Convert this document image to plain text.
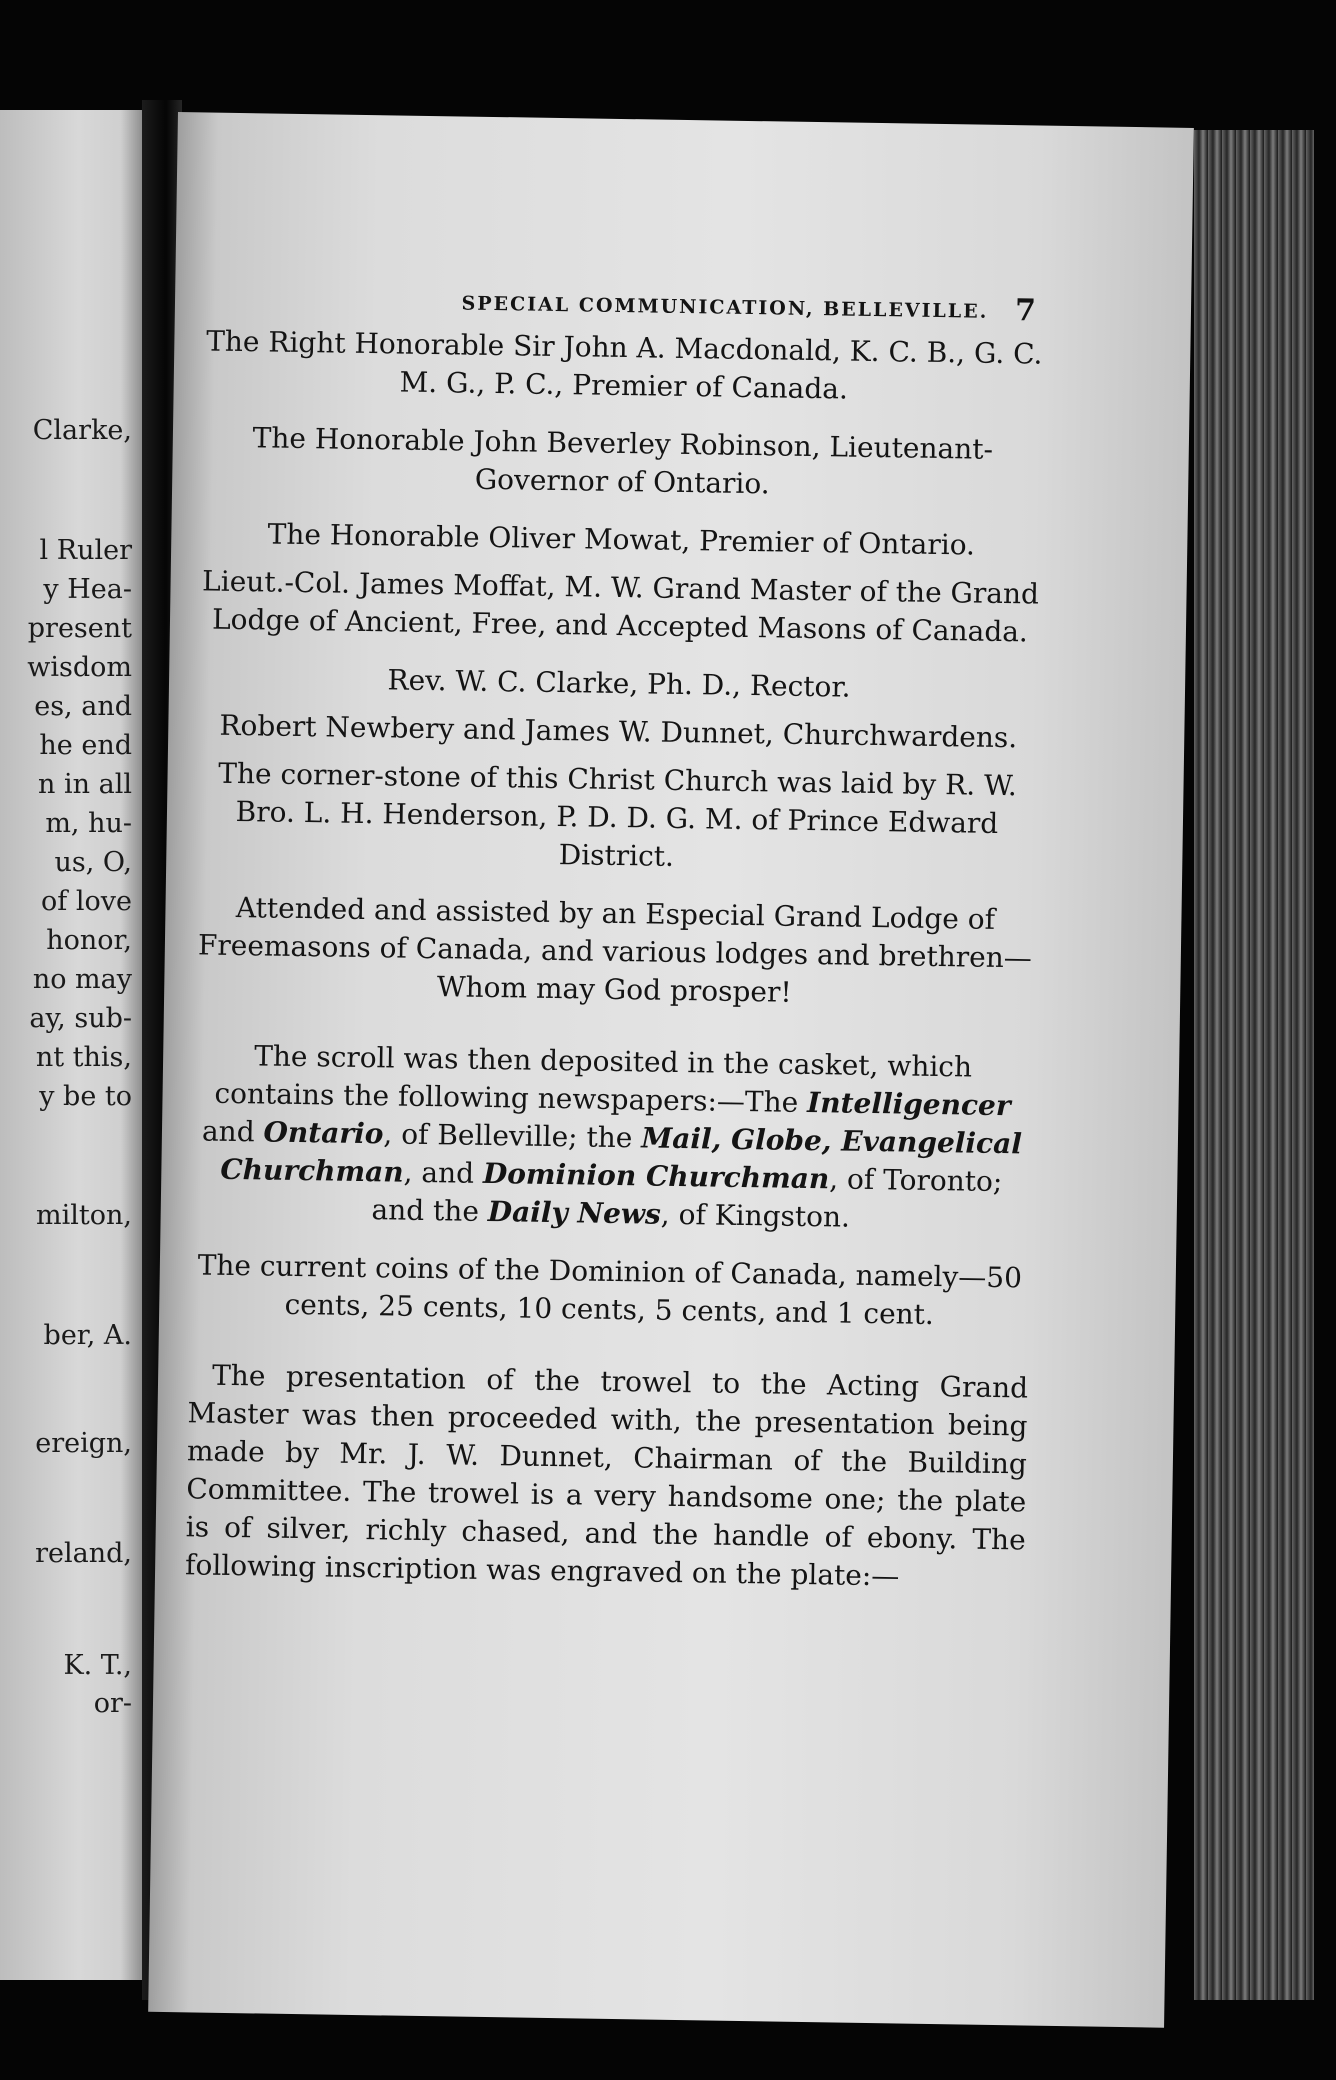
Clarke,
l Ruler
y Hea-
present
wisdom
es, and
he end
n in all
m, hu-
us, O,
of love
honor,
no may
ay, sub-
nt this,
y be to
milton,
ber, A.
ereign,
reland,
K. T.,
or-
SPECIAL COMMUNICATION, BELLEVILLE. 7

The Right Honorable Sir John A. Macdonald, K. C. B., G. C. M. G., P. C., Premier of Canada.

The Honorable John Beverley Robinson, Lieutenant-Governor of Ontario.

The Honorable Oliver Mowat, Premier of Ontario.

Lieut.-Col. James Moffat, M. W. Grand Master of the Grand Lodge of Ancient, Free, and Accepted Masons of Canada.

Rev. W. C. Clarke, Ph. D., Rector.

Robert Newbery and James W. Dunnet, Churchwardens.

The corner-stone of this Christ Church was laid by R. W. Bro. L. H. Henderson, P. D. D. G. M. of Prince Edward District.

Attended and assisted by an Especial Grand Lodge of Freemasons of Canada, and various lodges and brethren—

Whom may God prosper!

The scroll was then deposited in the casket, which contains the following newspapers:—The Intelligencer and Ontario, of Belleville; the Mail, Globe, Evangelical Churchman, and Dominion Churchman, of Toronto; and the Daily News, of Kingston.

The current coins of the Dominion of Canada, namely—50 cents, 25 cents, 10 cents, 5 cents, and 1 cent.

The presentation of the trowel to the Acting Grand Master was then proceeded with, the presentation being made by Mr. J. W. Dunnet, Chairman of the Building Committee. The trowel is a very handsome one; the plate is of silver, richly chased, and the handle of ebony. The following inscription was engraved on the plate:—
